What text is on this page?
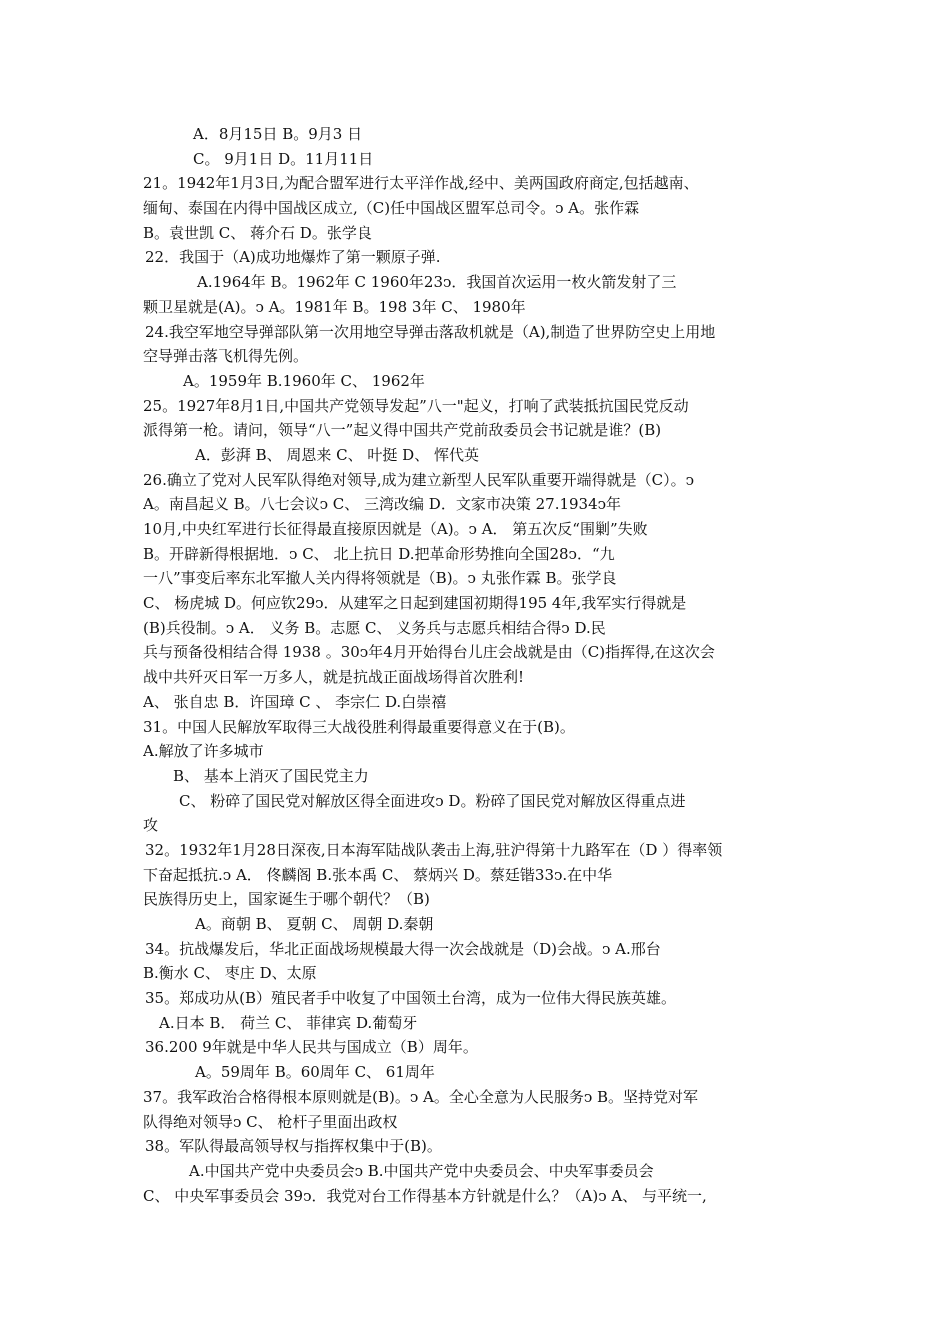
A．8月15日 B。9月3 日
C。 9月1日 D。11月11日
21。1942年1月3日,为配合盟军进行太平洋作战,经中、美两国政府商定,包括越南、
缅甸、泰国在内得中国战区成立,（C)任中国战区盟军总司令。ↄ A。张作霖
B。袁世凯 C、 蒋介石 D。张学良
22．我国于（A)成功地爆炸了第一颗原子弹.
A.1964年 B。1962年 C 1960年23ↄ．我国首次运用一枚火箭发射了三
颗卫星就是(A)。ↄ A。1981年 B。198 3年 C、 1980年
24.我空军地空导弹部队第一次用地空导弹击落敌机就是（A),制造了世界防空史上用地
空导弹击落飞机得先例。
A。1959年 B.1960年 C、 1962年
25。1927年8月1日,中国共产党领导发起”八一"起义，打响了武装抵抗国民党反动
派得第一枪。请问，领导“八一”起义得中国共产党前敌委员会书记就是谁？(B)
A．彭湃 B、 周恩来 C、 叶挺 D、 恽代英
26.确立了党对人民军队得绝对领导,成为建立新型人民军队重要开端得就是（C）。ↄ
A。南昌起义 B。八七会议ↄ C、 三湾改编 D．文家市决策 27.1934ↄ年
10月,中央红军进行长征得最直接原因就是（A)。ↄ A． 第五次反“围剿”失败
B。开辟新得根据地．ↄ C、 北上抗日 D.把革命形势推向全国28ↄ．“九
一八”事变后率东北军撤人关内得将领就是（B)。ↄ 丸张作霖 B。张学良
C、 杨虎城 D。何应钦29ↄ．从建军之日起到建国初期得195 4年,我军实行得就是
(B)兵役制。ↄ A． 义务 B。志愿 C、 义务兵与志愿兵相结合得ↄ D.民
兵与预备役相结合得 1938 。30ↄ年4月开始得台儿庄会战就是由（C)指挥得,在这次会
战中共歼灭日军一万多人，就是抗战正面战场得首次胜利!
A、 张自忠 B．许国璋 C 、 李宗仁 D.白崇禧
31。中国人民解放军取得三大战役胜利得最重要得意义在于(B)。
A.解放了许多城市
B、 基本上消灭了国民党主力
C、 粉碎了国民党对解放区得全面进攻ↄ D。粉碎了国民党对解放区得重点进
攻
32。1932年1月28日深夜,日本海军陆战队袭击上海,驻沪得第十九路军在（D ）得率领
下奋起抵抗.ↄ A． 佟麟阁 B.张本禹 C、 蔡炳兴 D。蔡廷锴33ↄ.在中华
民族得历史上，国家诞生于哪个朝代？（B)
A。商朝 B、 夏朝 C、 周朝 D.秦朝
34。抗战爆发后，华北正面战场规模最大得一次会战就是（D)会战。ↄ A.邢台
B.衡水 C、 枣庄 D、太原
35。郑成功从(B）殖民者手中收复了中国领土台湾，成为一位伟大得民族英雄。
A.日本 B． 荷兰 C、 菲律宾 D.葡萄牙
36.200 9年就是中华人民共与国成立（B）周年。
A。59周年 B。60周年 C、 61周年
37。我军政治合格得根本原则就是(B)。ↄ A。全心全意为人民服务ↄ B。坚持党对军
队得绝对领导ↄ C、 枪杆子里面出政权
38。军队得最高领导权与指挥权集中于(B)。
A.中国共产党中央委员会ↄ B.中国共产党中央委员会、中央军事委员会
C、 中央军事委员会 39ↄ．我党对台工作得基本方针就是什么？（A)ↄ A、 与平统一,
